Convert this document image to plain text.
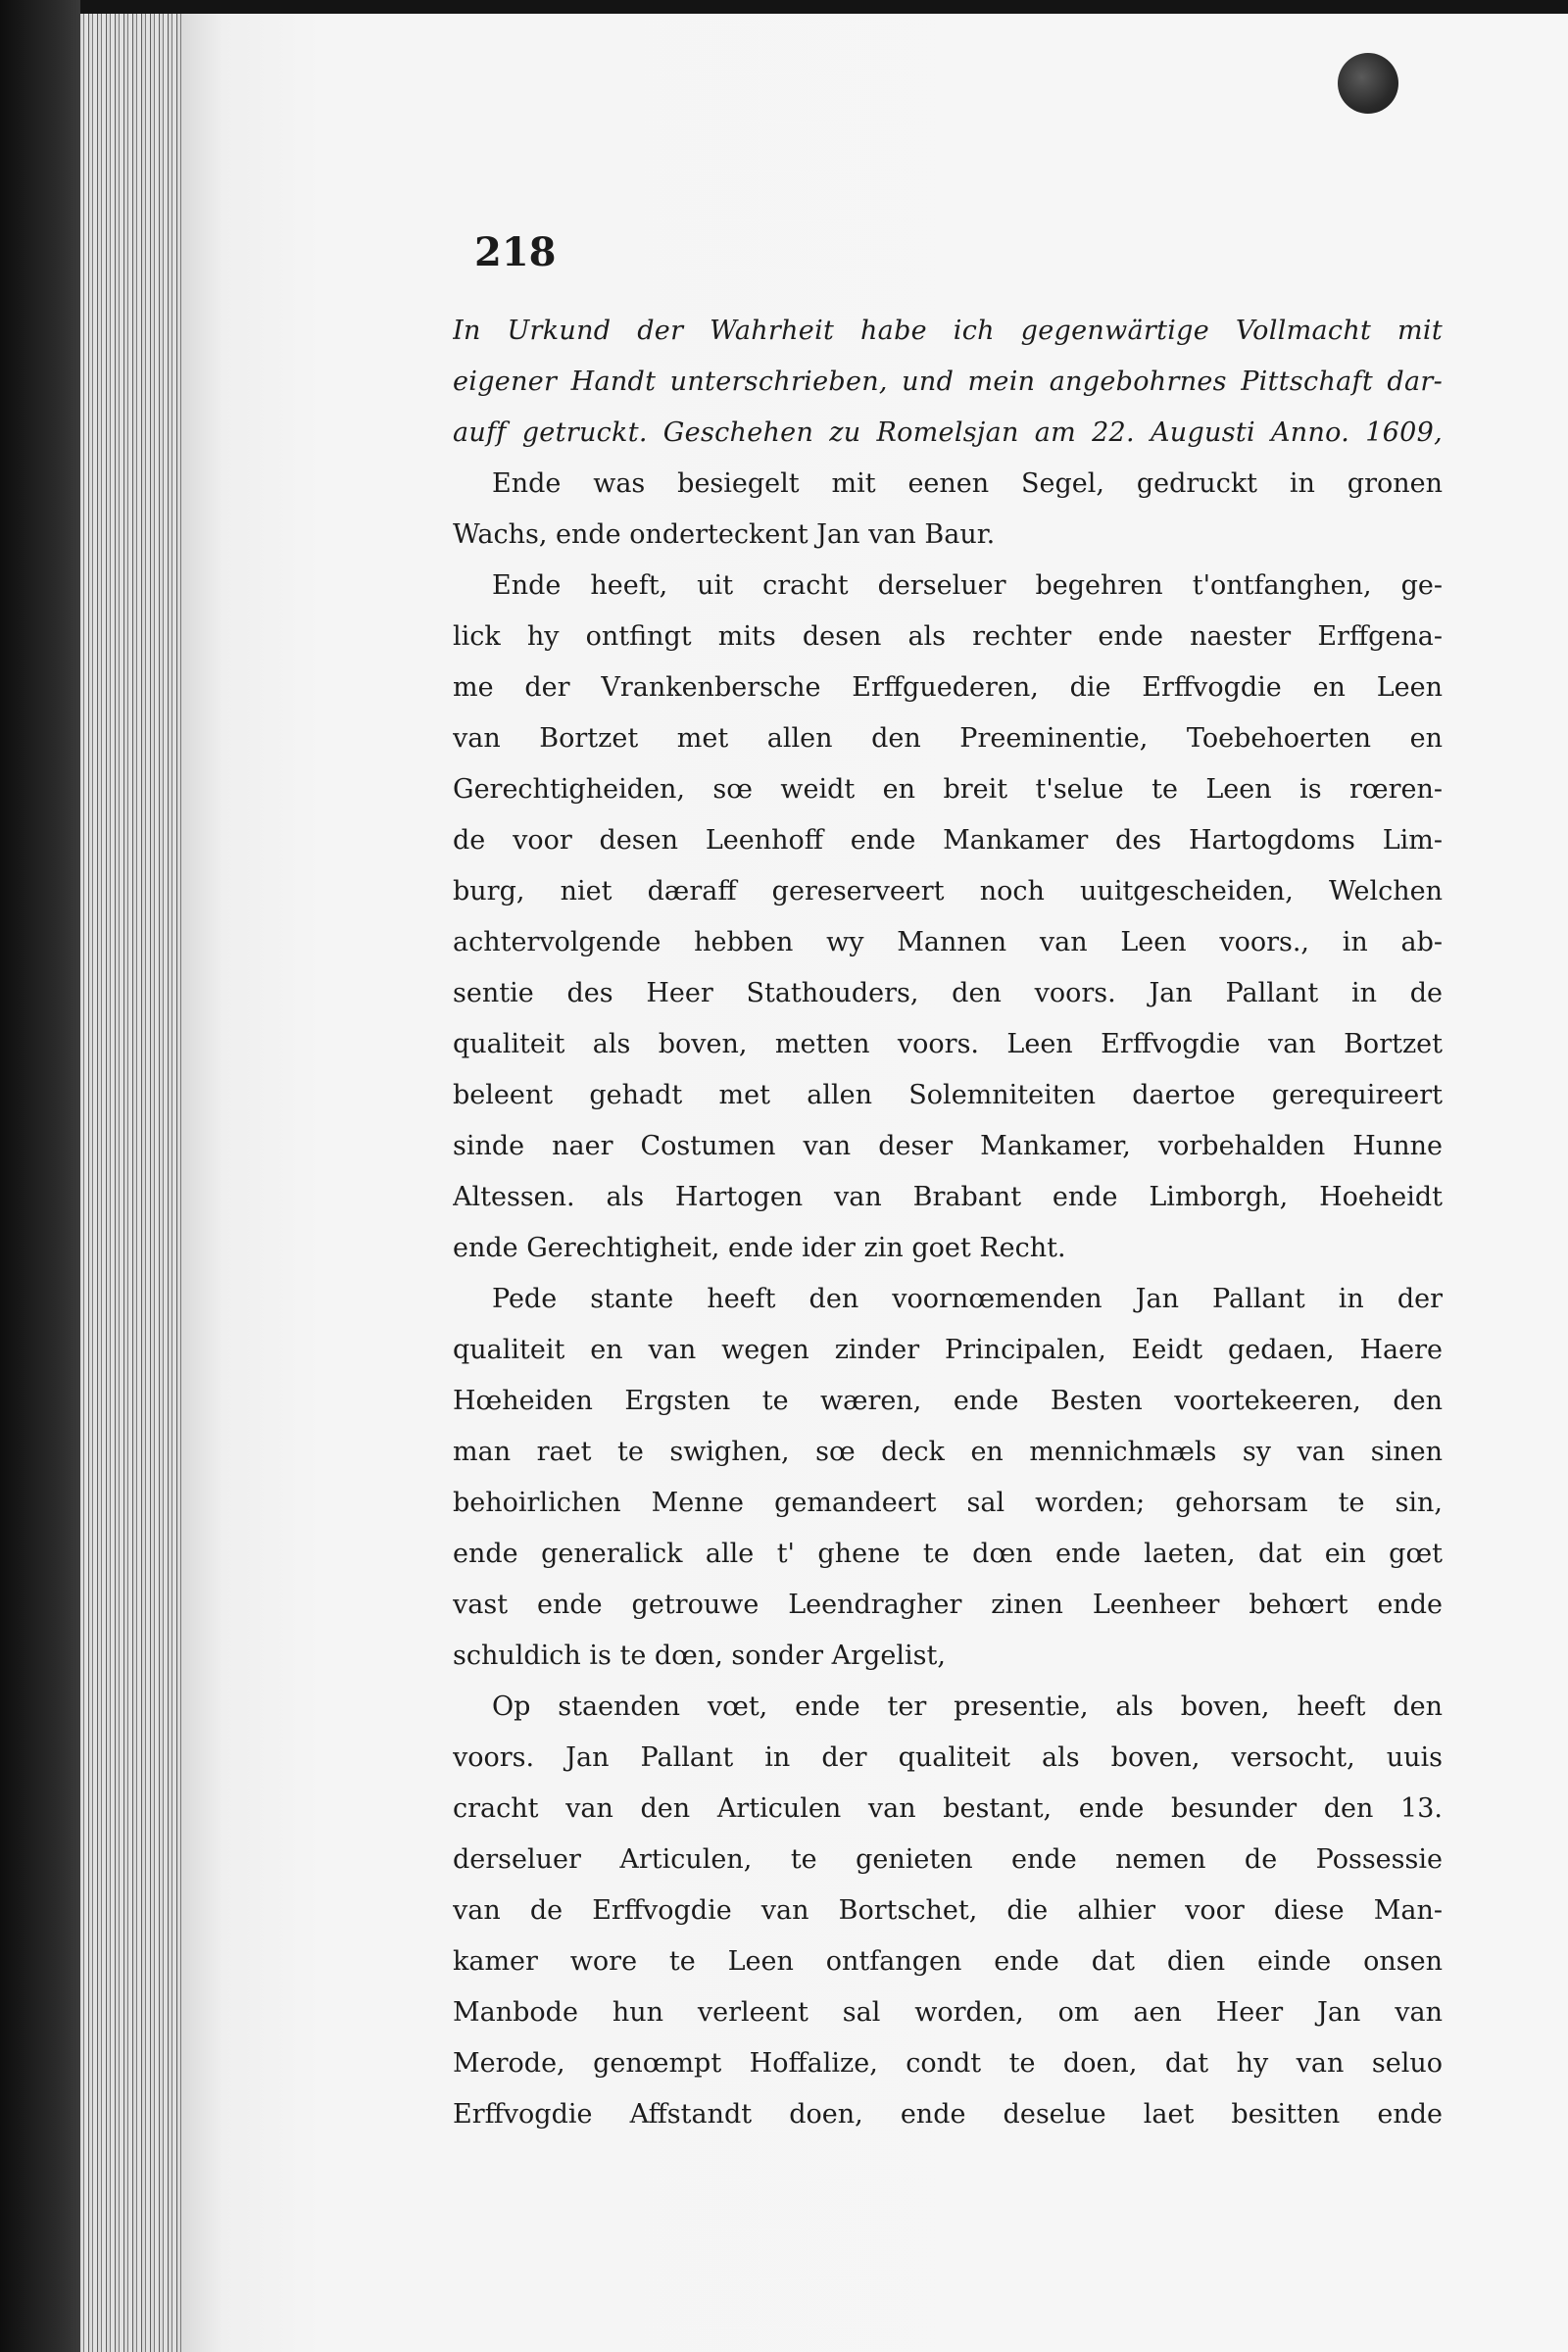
218

In Urkund der Wahrheit habe ich gegenwärtige Vollmacht mit
eigener Handt unterschrieben, und mein angebohrnes Pittschaft dar-
auff getruckt. Geschehen zu Romelsjan am 22. Augusti Anno. 1609,
Ende was besiegelt mit eenen Segel, gedruckt in gronen
Wachs, ende onderteckent Jan van Baur.
Ende heeft, uit cracht derseluer begehren t'ontfanghen, ge-
lick hy ontfingt mits desen als rechter ende naester Erffgena-
me der Vrankenbersche Erffguederen, die Erffvogdie en Leen
van Bortzet met allen den Preeminentie, Toebehoerten en
Gerechtigheiden, sœ weidt en breit t'selue te Leen is rœren-
de voor desen Leenhoff ende Mankamer des Hartogdoms Lim-
burg, niet dæraff gereserveert noch uuitgescheiden, Welchen
achtervolgende hebben wy Mannen van Leen voors., in ab-
sentie des Heer Stathouders, den voors. Jan Pallant in de
qualiteit als boven, metten voors. Leen Erffvogdie van Bortzet
beleent gehadt met allen Solemniteiten daertoe gerequireert
sinde naer Costumen van deser Mankamer, vorbehalden Hunne
Altessen. als Hartogen van Brabant ende Limborgh, Hoeheidt
ende Gerechtigheit, ende ider zin goet Recht.
Pede stante heeft den voornœmenden Jan Pallant in der
qualiteit en van wegen zinder Principalen, Eeidt gedaen, Haere
Hœheiden Ergsten te wæren, ende Besten voortekeeren, den
man raet te swighen, sœ deck en mennichmæls sy van sinen
behoirlichen Menne gemandeert sal worden; gehorsam te sin,
ende generalick alle t' ghene te dœn ende laeten, dat ein gœt
vast ende getrouwe Leendragher zinen Leenheer behœrt ende
schuldich is te dœn, sonder Argelist,
Op staenden vœt, ende ter presentie, als boven, heeft den
voors. Jan Pallant in der qualiteit als boven, versocht, uuis
cracht van den Articulen van bestant, ende besunder den 13.
derseluer Articulen, te genieten ende nemen de Possessie
van de Erffvogdie van Bortschet, die alhier voor diese Man-
kamer wore te Leen ontfangen ende dat dien einde onsen
Manbode hun verleent sal worden, om aen Heer Jan van
Merode, genœmpt Hoffalize, condt te doen, dat hy van seluo
Erffvogdie Affstandt doen, ende deselue laet besitten ende
